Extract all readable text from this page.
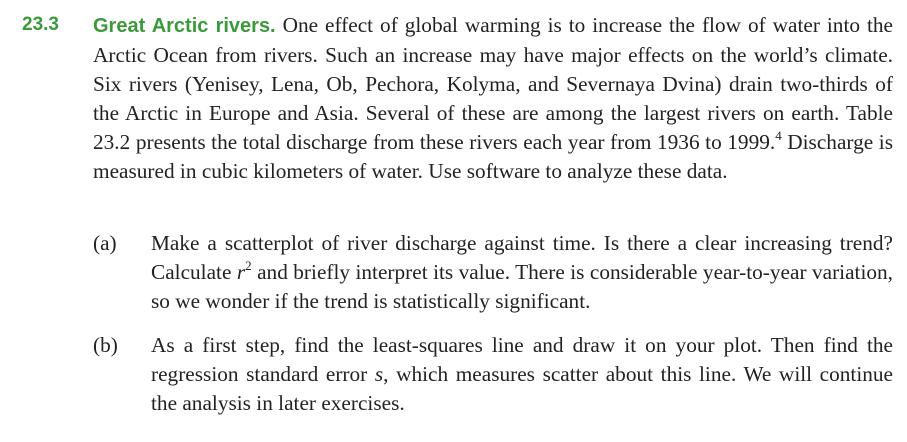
23.3 Great Arctic rivers. One effect of global warming is to increase the flow of water into the Arctic Ocean from rivers. Such an increase may have major effects on the world’s climate. Six rivers (Yenisey, Lena, Ob, Pechora, Kolyma, and Severnaya Dvina) drain two-thirds of the Arctic in Europe and Asia. Several of these are among the largest rivers on earth. Table 23.2 presents the total discharge from these rivers each year from 1936 to 1999.$^4$ Discharge is measured in cubic kilometers of water. Use software to analyze these data.
(a) Make a scatterplot of river discharge against time. Is there a clear increasing trend? Calculate $r^2$ and briefly interpret its value. There is considerable year-to-year variation, so we wonder if the trend is statistically significant.
(b) As a first step, find the least-squares line and draw it on your plot. Then find the regression standard error s, which measures scatter about this line. We will continue the analysis in later exercises.
